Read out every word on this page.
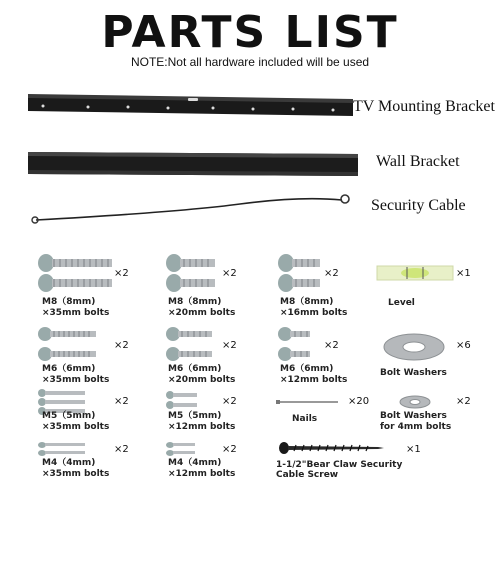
PARTS LIST
NOTE:Not all hardware included will be used
TV Mounting Bracket
Wall Bracket
Security Cable
×2
M8（8mm)
×35mm bolts
×2
M8（8mm)
×20mm bolts
×2
M8（8mm)
×16mm bolts
×1
Level
×2
M6（6mm)
×35mm bolts
×2
M6（6mm)
×20mm bolts
×2
M6（6mm)
×12mm bolts
×6
Bolt Washers
×2
M5（5mm)
×35mm bolts
×2
M5（5mm)
×12mm bolts
×20
Nails
×2
Bolt Washers
for 4mm bolts
×2
M4（4mm)
×35mm bolts
×2
M4（4mm)
×12mm bolts
×1
1-1/2"Bear Claw Security
Cable Screw
